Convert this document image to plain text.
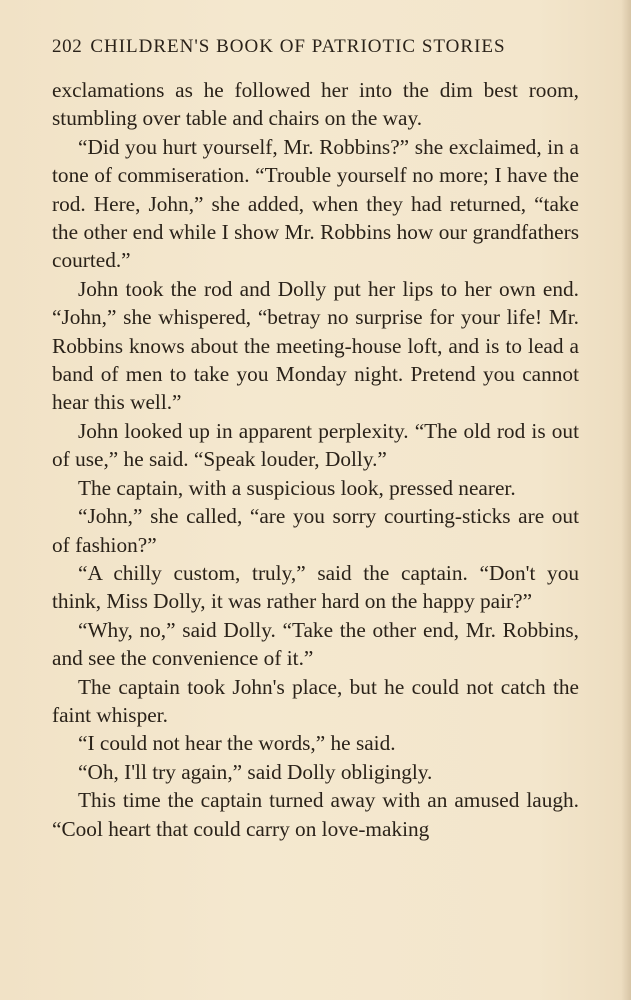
202 CHILDREN'S BOOK OF PATRIOTIC STORIES

exclamations as he followed her into the dim best room, stumbling over table and chairs on the way.

“Did you hurt yourself, Mr. Robbins?” she exclaimed, in a tone of commiseration. “Trouble yourself no more; I have the rod. Here, John,” she added, when they had returned, “take the other end while I show Mr. Robbins how our grandfathers courted.”

John took the rod and Dolly put her lips to her own end. “John,” she whispered, “betray no surprise for your life! Mr. Robbins knows about the meeting-house loft, and is to lead a band of men to take you Monday night. Pretend you cannot hear this well.”

John looked up in apparent perplexity. “The old rod is out of use,” he said. “Speak louder, Dolly.”

The captain, with a suspicious look, pressed nearer.

“John,” she called, “are you sorry courting-sticks are out of fashion?”

“A chilly custom, truly,” said the captain. “Don't you think, Miss Dolly, it was rather hard on the happy pair?”

“Why, no,” said Dolly. “Take the other end, Mr. Robbins, and see the convenience of it.”

The captain took John's place, but he could not catch the faint whisper.

“I could not hear the words,” he said.

“Oh, I'll try again,” said Dolly obligingly.

This time the captain turned away with an amused laugh. “Cool heart that could carry on love-making
